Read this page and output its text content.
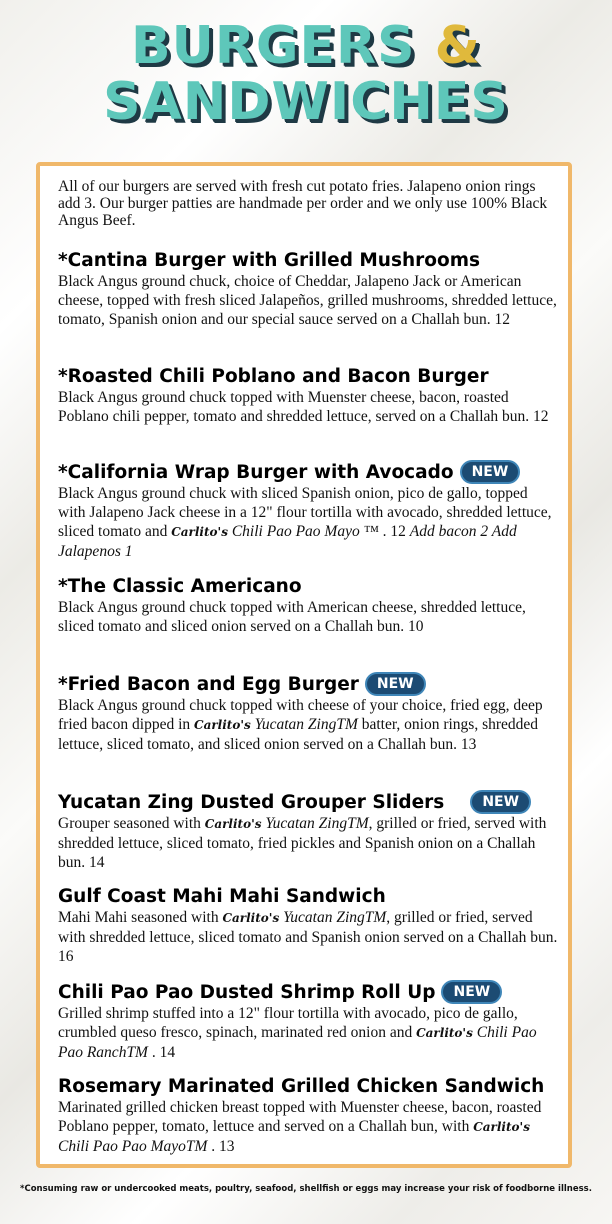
BURGERS &
SANDWICHES

All of our burgers are served with fresh cut potato fries. Jalapeno onion rings add 3. Our burger patties are handmade per order and we only use 100% Black Angus Beef.

*Cantina Burger with Grilled Mushrooms

Black Angus ground chuck, choice of Cheddar, Jalapeno Jack or American cheese, topped with fresh sliced Jalapeños, grilled mushrooms, shredded lettuce, tomato, Spanish onion and our special sauce served on a Challah bun. 12

*Roasted Chili Poblano and Bacon Burger

Black Angus ground chuck topped with Muenster cheese, bacon, roasted Poblano chili pepper, tomato and shredded lettuce, served on a Challah bun. 12

*California Wrap Burger with Avocado NEW

Black Angus ground chuck with sliced Spanish onion, pico de gallo, topped with Jalapeno Jack cheese in a 12" flour tortilla with avocado, shredded lettuce, sliced tomato and Carlito's Chili Pao Pao Mayo ™ . 12 Add bacon 2 Add Jalapenos 1

*The Classic Americano

Black Angus ground chuck topped with American cheese, shredded lettuce, sliced tomato and sliced onion served on a Challah bun. 10

*Fried Bacon and Egg Burger NEW

Black Angus ground chuck topped with cheese of your choice, fried egg, deep fried bacon dipped in Carlito's Yucatan ZingTM batter, onion rings, shredded lettuce, sliced tomato, and sliced onion served on a Challah bun. 13

Yucatan Zing Dusted Grouper Sliders	NEW

Grouper seasoned with Carlito's Yucatan ZingTM, grilled or fried, served with shredded lettuce, sliced tomato, fried pickles and Spanish onion on a Challah bun. 14

Gulf Coast Mahi Mahi Sandwich

Mahi Mahi seasoned with Carlito's Yucatan ZingTM, grilled or fried, served with shredded lettuce, sliced tomato and Spanish onion served on a Challah bun. 16

Chili Pao Pao Dusted Shrimp Roll Up NEW

Grilled shrimp stuffed into a 12" flour tortilla with avocado, pico de gallo, crumbled queso fresco, spinach, marinated red onion and Carlito's Chili Pao Pao RanchTM . 14

Rosemary Marinated Grilled Chicken Sandwich

Marinated grilled chicken breast topped with Muenster cheese, bacon, roasted Poblano pepper, tomato, lettuce and served on a Challah bun, with Carlito's Chili Pao Pao MayoTM . 13

*Consuming raw or undercooked meats, poultry, seafood, shellfish or eggs may increase your risk of foodborne illness.
